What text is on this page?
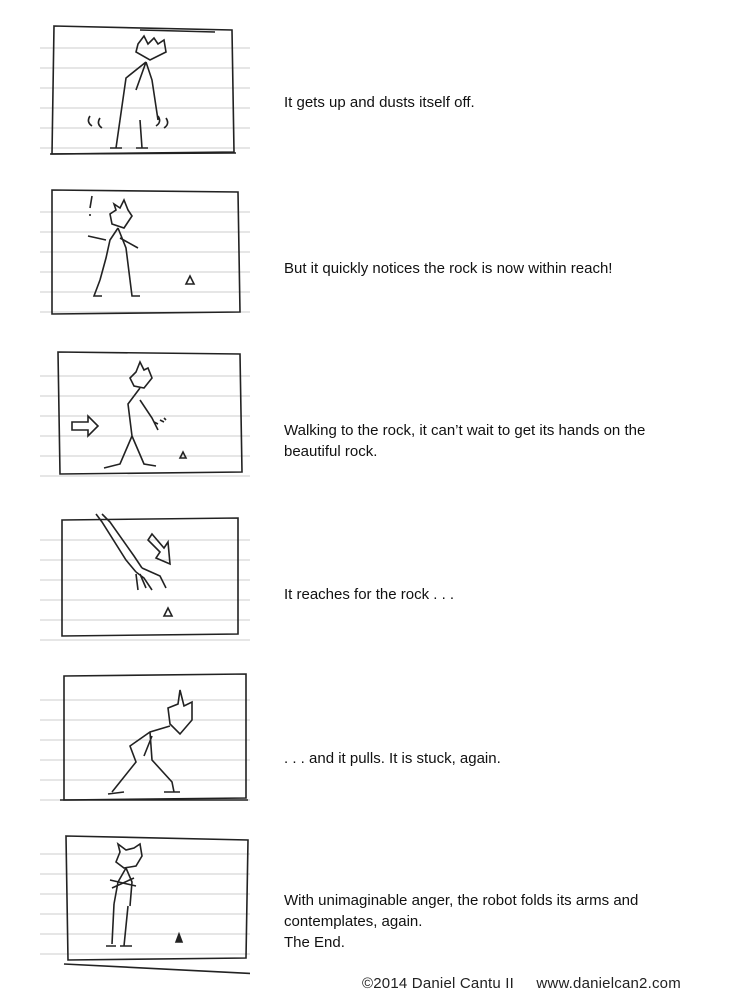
It gets up and dusts itself off.
But it quickly notices the rock is now within reach!
Walking to the rock, it can’t wait to get its hands on the
beautiful rock.
It reaches for the rock . . .
. . . and it pulls. It is stuck, again.
With unimaginable anger, the robot folds its arms and
contemplates, again.
The End.
©2014 Daniel Cantu II www.danielcan2.com
